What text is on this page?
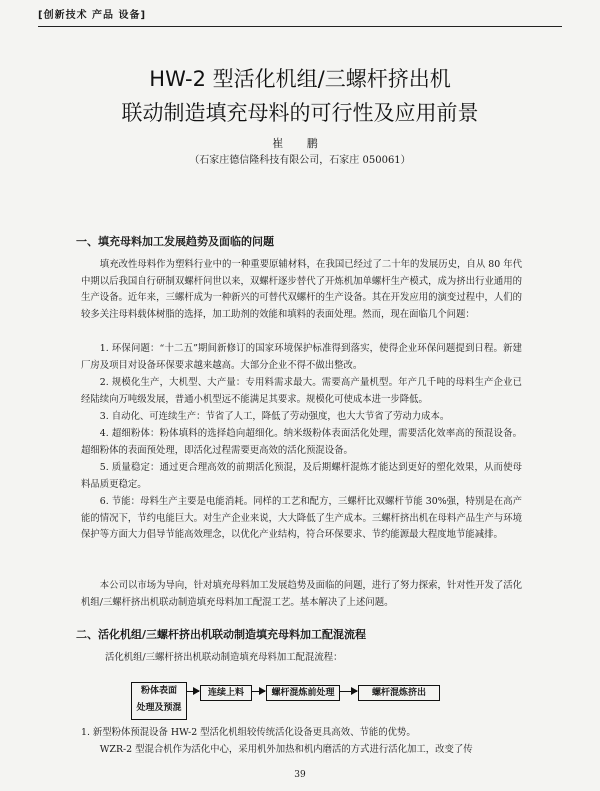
[创新技术 产品 设备]
HW-2 型活化机组/三螺杆挤出机
联动制造填充母料的可行性及应用前景
崔 鹏
（石家庄德信隆科技有限公司，石家庄 050061）
一、填充母料加工发展趋势及面临的问题
填充改性母料作为塑料行业中的一种重要原辅材料，在我国已经过了二十年的发展历史，自从 80 年代中期以后我国自行研制双螺杆问世以来，双螺杆逐步替代了开炼机加单螺杆生产模式，成为挤出行业通用的生产设备。近年来，三螺杆成为一种新兴的可替代双螺杆的生产设备。其在开发应用的演变过程中，人们的较多关注母料载体树脂的选择，加工助剂的效能和填料的表面处理。然而，现在面临几个问题：
1. 环保问题：“十二五”期间新修订的国家环境保护标准得到落实，使得企业环保问题提到日程。新建厂房及项目对设备环保要求越来越高。大部分企业不得不做出整改。
2. 规模化生产，大机型、大产量：专用料需求最大。需要高产量机型。年产几千吨的母料生产企业已经陆续向万吨级发展，普通小机型远不能满足其要求。规模化可使成本进一步降低。
3. 自动化、可连续生产：节省了人工，降低了劳动强度，也大大节省了劳动力成本。
4. 超细粉体：粉体填料的选择趋向超细化。纳米级粉体表面活化处理，需要活化效率高的预混设备。超细粉体的表面预处理，即活化过程需要更高效的活化预混设备。
5. 质量稳定：通过更合理高效的前期活化预混，及后期螺杆混炼才能达到更好的塑化效果，从而使母料品质更稳定。
6. 节能：母料生产主要是电能消耗。同样的工艺和配方，三螺杆比双螺杆节能 30%强，特别是在高产能的情况下，节约电能巨大。对生产企业来说，大大降低了生产成本。三螺杆挤出机在母料产品生产与环境保护等方面大力倡导节能高效理念，以优化产业结构，符合环保要求、节约能源最大程度地节能减排。
本公司以市场为导向，针对填充母料加工发展趋势及面临的问题，进行了努力探索，针对性开发了活化机组/三螺杆挤出机联动制造填充母料加工配混工艺。基本解决了上述问题。
二、活化机组/三螺杆挤出机联动制造填充母料加工配混流程
活化机组/三螺杆挤出机联动制造填充母料加工配混流程：
粉体表面
处理及预混
连续上料	螺杆混炼前处理	螺杆混炼挤出
1. 新型粉体预混设备 HW-2 型活化机组较传统活化设备更具高效、节能的优势。
WZR-2 型混合机作为活化中心，采用机外加热和机内磨活的方式进行活化加工，改变了传
39
